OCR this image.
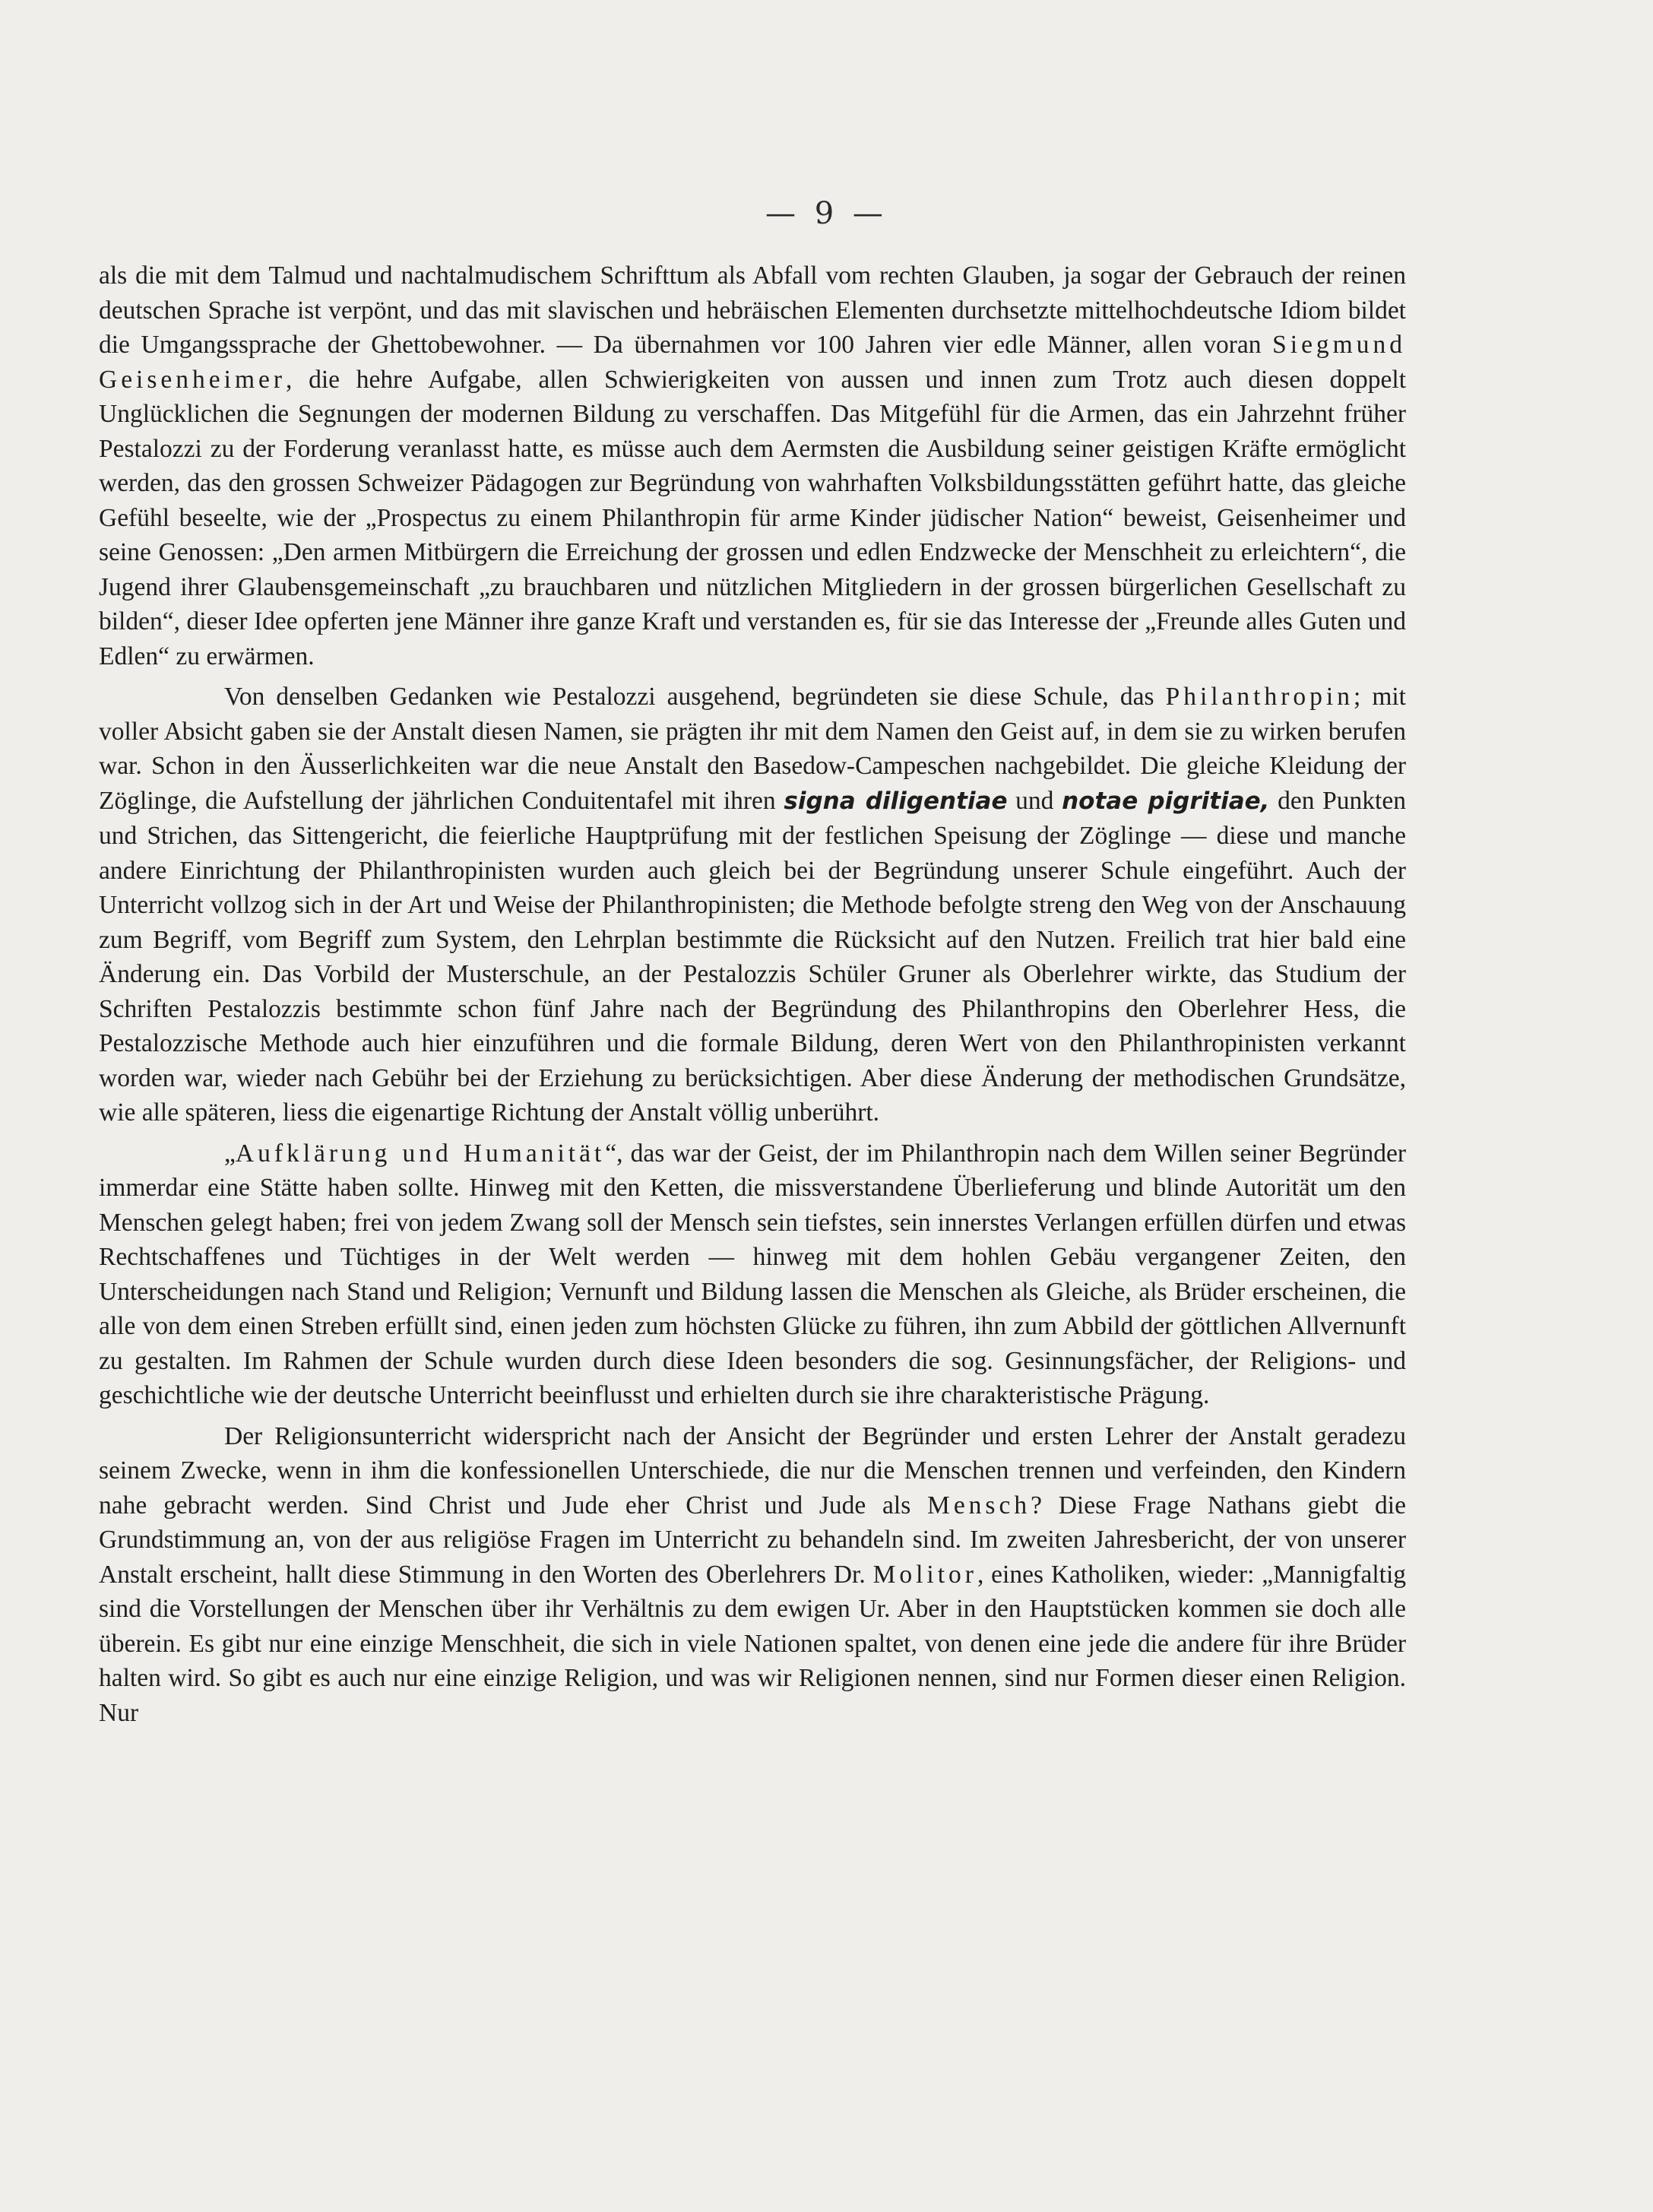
— 9 —

als die mit dem Talmud und nachtalmudischem Schrifttum als Abfall vom rechten Glauben, ja sogar der Gebrauch der reinen deutschen Sprache ist verpönt, und das mit slavischen und hebräischen Elementen durchsetzte mittelhochdeutsche Idiom bildet die Umgangssprache der Ghettobewohner. — Da übernahmen vor 100 Jahren vier edle Männer, allen voran Siegmund Geisenheimer, die hehre Aufgabe, allen Schwierigkeiten von aussen und innen zum Trotz auch diesen doppelt Unglücklichen die Segnungen der modernen Bildung zu verschaffen. Das Mitgefühl für die Armen, das ein Jahrzehnt früher Pestalozzi zu der Forderung veranlasst hatte, es müsse auch dem Aermsten die Ausbildung seiner geistigen Kräfte ermöglicht werden, das den grossen Schweizer Pädagogen zur Begründung von wahrhaften Volksbildungsstätten geführt hatte, das gleiche Gefühl beseelte, wie der „Prospectus zu einem Philanthropin für arme Kinder jüdischer Nation“ beweist, Geisenheimer und seine Genossen: „Den armen Mitbürgern die Erreichung der grossen und edlen Endzwecke der Menschheit zu erleichtern“, die Jugend ihrer Glaubensgemeinschaft „zu brauchbaren und nützlichen Mitgliedern in der grossen bürgerlichen Gesellschaft zu bilden“, dieser Idee opferten jene Männer ihre ganze Kraft und verstanden es, für sie das Interesse der „Freunde alles Guten und Edlen“ zu erwärmen.

Von denselben Gedanken wie Pestalozzi ausgehend, begründeten sie diese Schule, das Philanthropin; mit voller Absicht gaben sie der Anstalt diesen Namen, sie prägten ihr mit dem Namen den Geist auf, in dem sie zu wirken berufen war. Schon in den Äusserlichkeiten war die neue Anstalt den Basedow-Campeschen nachgebildet. Die gleiche Kleidung der Zöglinge, die Aufstellung der jährlichen Conduitentafel mit ihren signa diligentiae und notae pigritiae, den Punkten und Strichen, das Sittengericht, die feierliche Hauptprüfung mit der festlichen Speisung der Zöglinge — diese und manche andere Einrichtung der Philanthropinisten wurden auch gleich bei der Begründung unserer Schule eingeführt. Auch der Unterricht vollzog sich in der Art und Weise der Philanthropinisten; die Methode befolgte streng den Weg von der Anschauung zum Begriff, vom Begriff zum System, den Lehrplan bestimmte die Rücksicht auf den Nutzen. Freilich trat hier bald eine Änderung ein. Das Vorbild der Musterschule, an der Pestalozzis Schüler Gruner als Oberlehrer wirkte, das Studium der Schriften Pestalozzis bestimmte schon fünf Jahre nach der Begründung des Philanthropins den Oberlehrer Hess, die Pestalozzische Methode auch hier einzuführen und die formale Bildung, deren Wert von den Philanthropinisten verkannt worden war, wieder nach Gebühr bei der Erziehung zu berücksichtigen. Aber diese Änderung der methodischen Grundsätze, wie alle späteren, liess die eigenartige Richtung der Anstalt völlig unberührt.

„Aufklärung und Humanität“, das war der Geist, der im Philanthropin nach dem Willen seiner Begründer immerdar eine Stätte haben sollte. Hinweg mit den Ketten, die missverstandene Überlieferung und blinde Autorität um den Menschen gelegt haben; frei von jedem Zwang soll der Mensch sein tiefstes, sein innerstes Verlangen erfüllen dürfen und etwas Rechtschaffenes und Tüchtiges in der Welt werden — hinweg mit dem hohlen Gebäu vergangener Zeiten, den Unterscheidungen nach Stand und Religion; Vernunft und Bildung lassen die Menschen als Gleiche, als Brüder erscheinen, die alle von dem einen Streben erfüllt sind, einen jeden zum höchsten Glücke zu führen, ihn zum Abbild der göttlichen Allvernunft zu gestalten. Im Rahmen der Schule wurden durch diese Ideen besonders die sog. Gesinnungsfächer, der Religions- und geschichtliche wie der deutsche Unterricht beeinflusst und erhielten durch sie ihre charakteristische Prägung.

Der Religionsunterricht widerspricht nach der Ansicht der Begründer und ersten Lehrer der Anstalt geradezu seinem Zwecke, wenn in ihm die konfessionellen Unterschiede, die nur die Menschen trennen und verfeinden, den Kindern nahe gebracht werden. Sind Christ und Jude eher Christ und Jude als Mensch? Diese Frage Nathans giebt die Grundstimmung an, von der aus religiöse Fragen im Unterricht zu behandeln sind. Im zweiten Jahresbericht, der von unserer Anstalt erscheint, hallt diese Stimmung in den Worten des Oberlehrers Dr. Molitor, eines Katholiken, wieder: „Mannigfaltig sind die Vorstellungen der Menschen über ihr Verhältnis zu dem ewigen Ur. Aber in den Hauptstücken kommen sie doch alle überein. Es gibt nur eine einzige Menschheit, die sich in viele Nationen spaltet, von denen eine jede die andere für ihre Brüder halten wird. So gibt es auch nur eine einzige Religion, und was wir Religionen nennen, sind nur Formen dieser einen Religion. Nur
